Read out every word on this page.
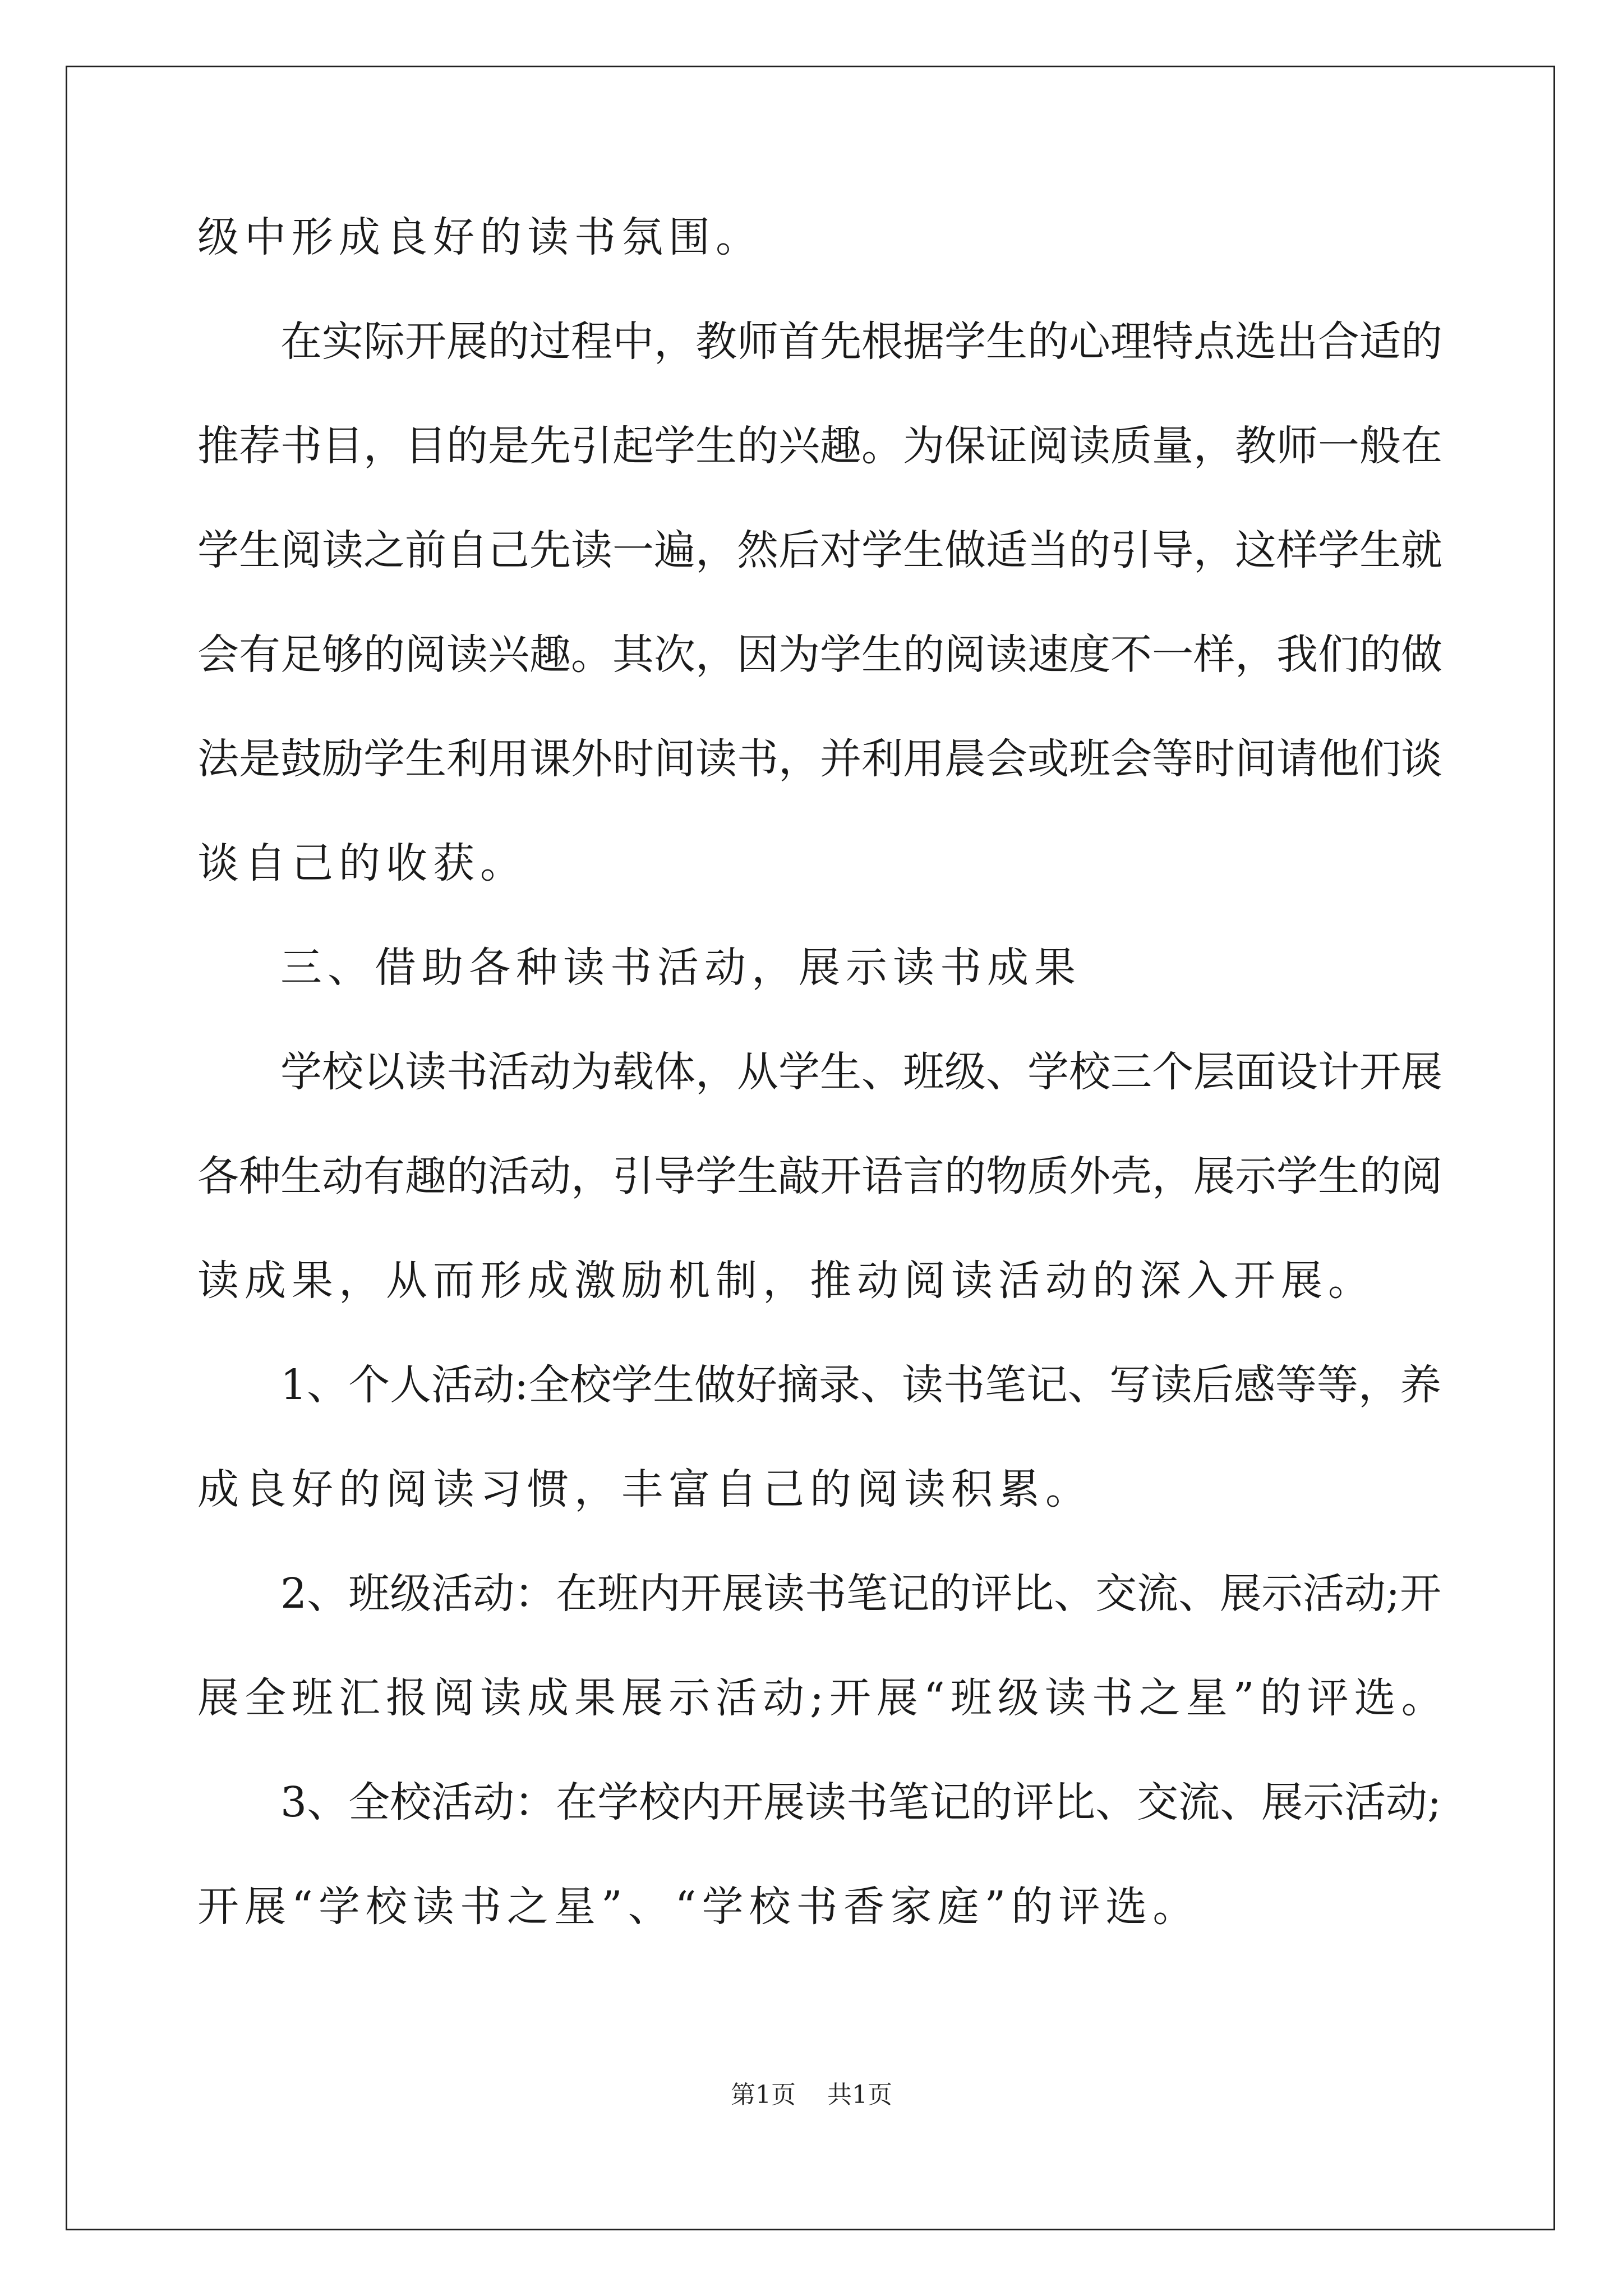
级中形成良好的读书氛围。
在实际开展的过程中，教师首先根据学生的心理特点选出合适的
推荐书目，目的是先引起学生的兴趣。为保证阅读质量，教师一般在
学生阅读之前自己先读一遍，然后对学生做适当的引导，这样学生就
会有足够的阅读兴趣。其次，因为学生的阅读速度不一样，我们的做
法是鼓励学生利用课外时间读书，并利用晨会或班会等时间请他们谈
谈自己的收获。
三、借助各种读书活动，展示读书成果
学校以读书活动为载体，从学生、班级、学校三个层面设计开展
各种生动有趣的活动，引导学生敲开语言的物质外壳，展示学生的阅
读成果，从而形成激励机制，推动阅读活动的深入开展。
1、个人活动:全校学生做好摘录、读书笔记、写读后感等等，养
成良好的阅读习惯，丰富自己的阅读积累。
2、班级活动：在班内开展读书笔记的评比、交流、展示活动;开
展全班汇报阅读成果展示活动;开展“班级读书之星”的评选。
3、全校活动：在学校内开展读书笔记的评比、交流、展示活动;
开展“学校读书之星”、“学校书香家庭”的评选。
第1页 共1页
